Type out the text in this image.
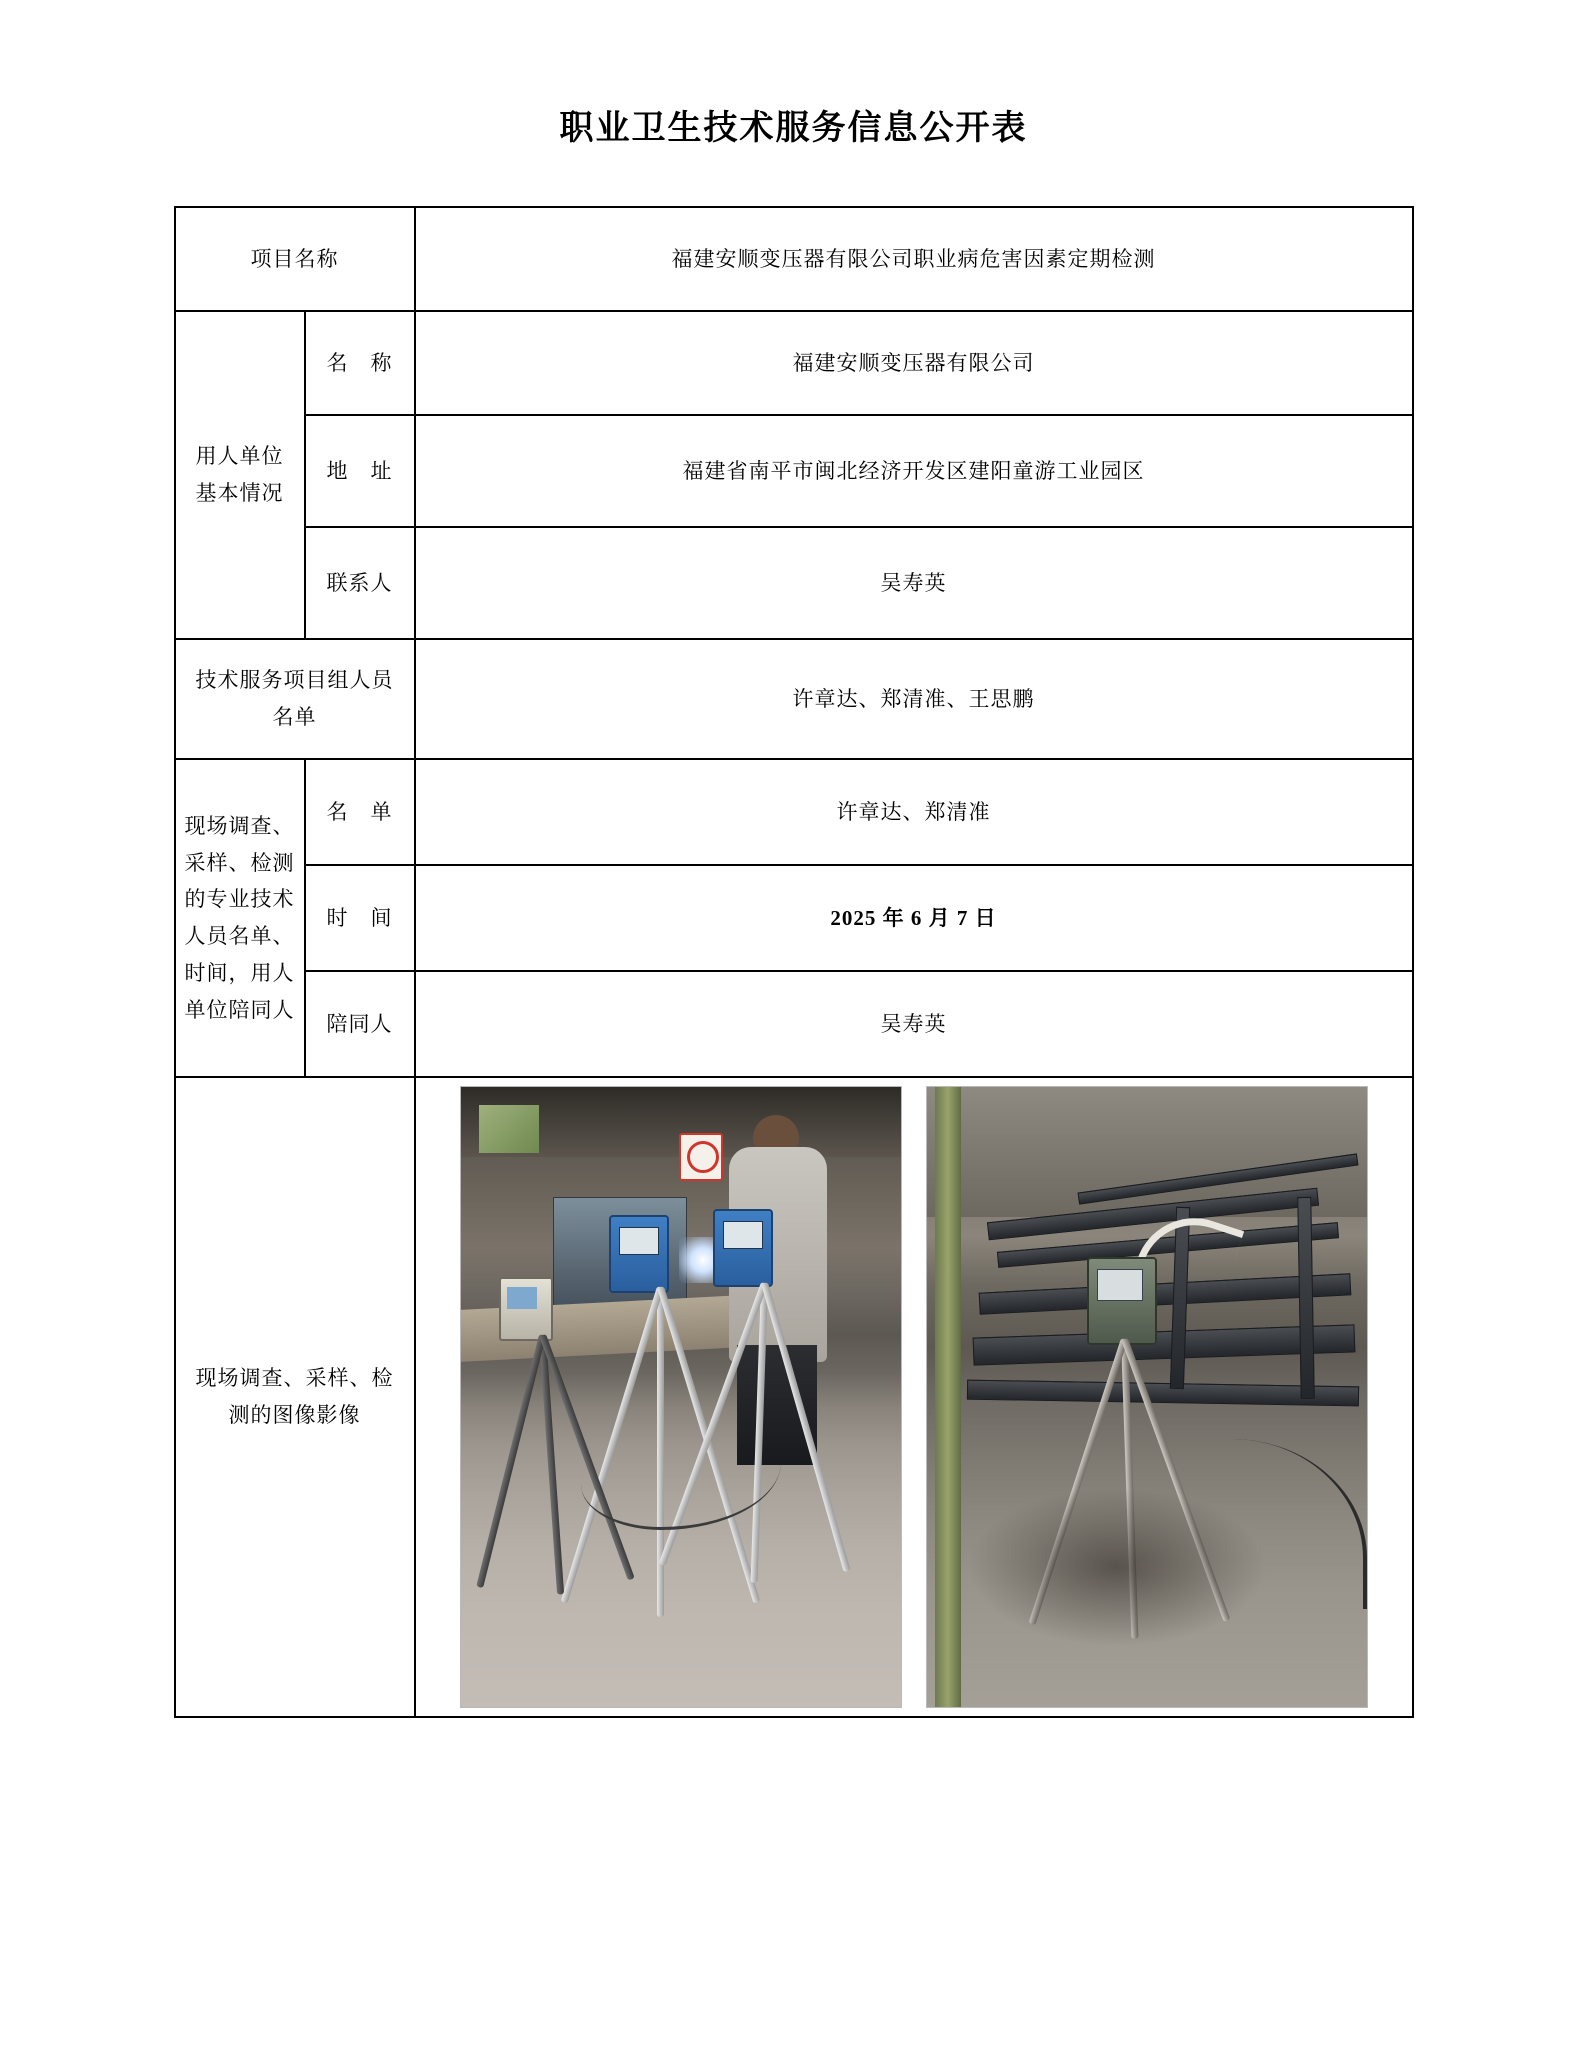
职业卫生技术服务信息公开表
项目名称		福建安顺变压器有限公司职业病危害因素定期检测

用人单位
基本情况	名　称	福建安顺变压器有限公司
	地　址	福建省南平市闽北经济开发区建阳童游工业园区
	联系人	吴寿英

技术服务项目组人员
名单		许章达、郑清准、王思鹏

现场调查、
采样、检测
的专业技术
人员名单、
时间，用人
单位陪同人
	名　单	许章达、郑清准
	时　间	2025 年 6 月 7 日
	陪同人	吴寿英

现场调查、采样、检
测的图像影像		
